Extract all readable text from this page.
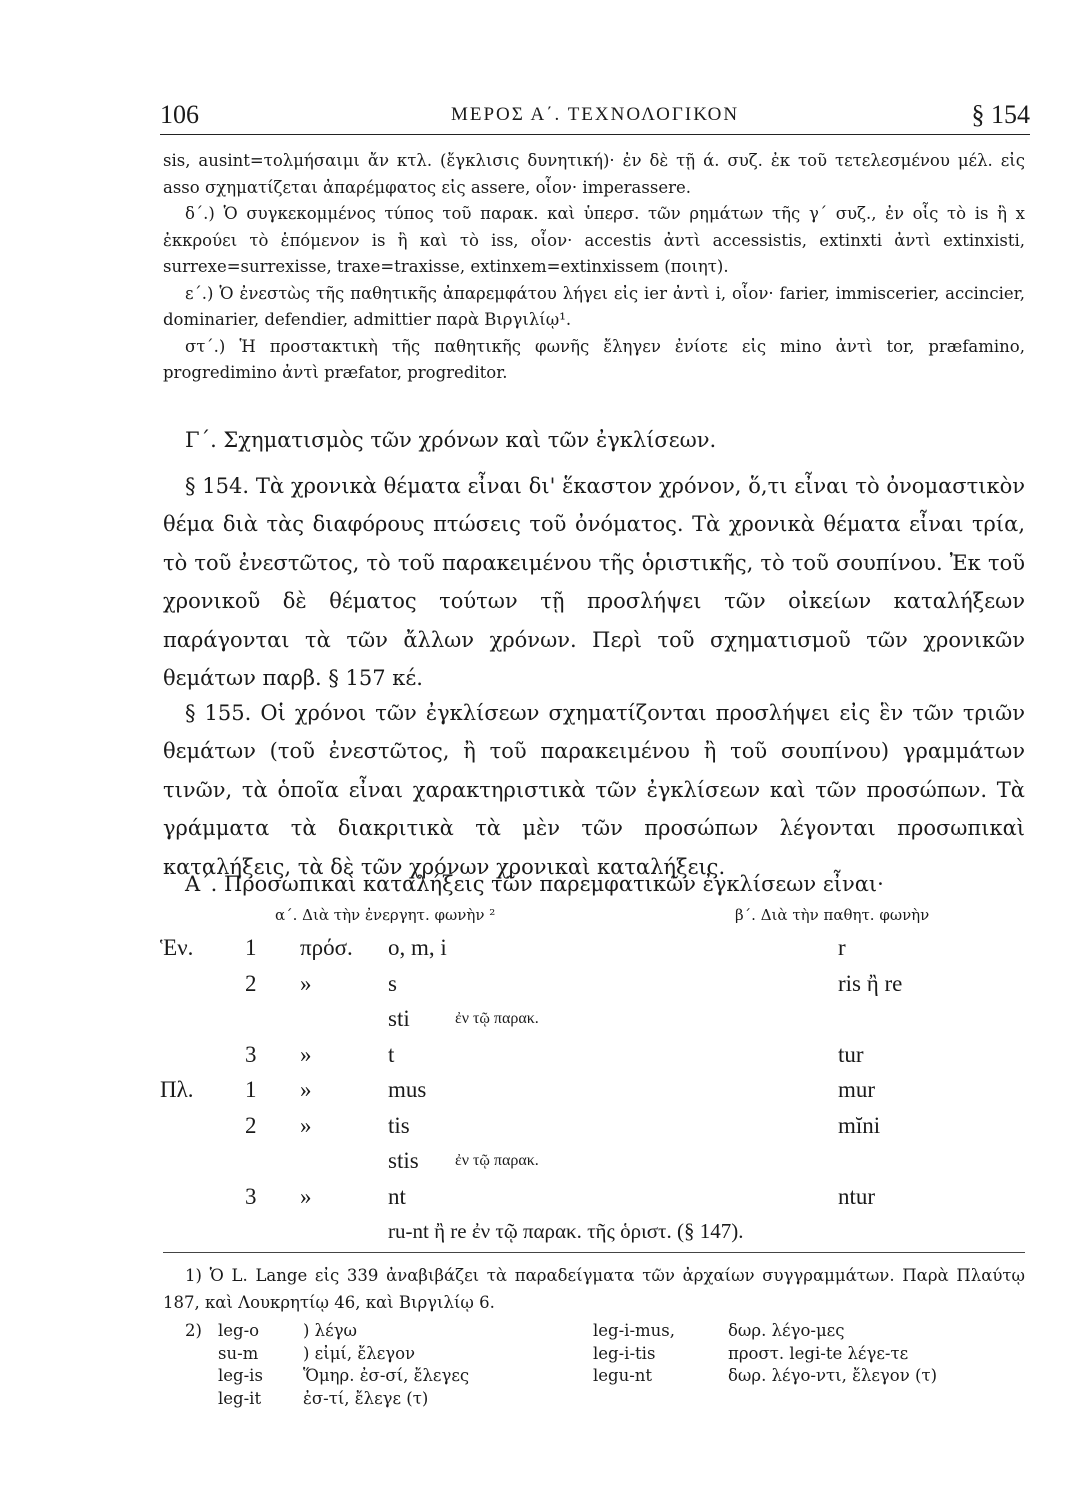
106	ΜΕΡΟΣ Α΄. ΤΕΧΝΟΛΟΓΙΚΟΝ	§ 154

sis, ausint=τολμήσαιμι ἄν κτλ. (ἔγκλισις δυνητική)· ἐν δὲ τῇ ά. συζ. ἐκ τοῦ τετελεσμένου μέλ. εἰς asso σχηματίζεται ἀπαρέμφατος εἰς assere, οἷον· imperassere.

δ΄.) Ὁ συγκεκομμένος τύπος τοῦ παρακ. καὶ ὑπερσ. τῶν ρημάτων τῆς γ΄ συζ., ἐν οἷς τὸ is ἢ x ἐκκρούει τὸ ἑπόμενον is ἢ καὶ τὸ iss, οἷον· accestis ἀντὶ accessistis, extinxti ἀντὶ extinxisti, surrexe=surrexisse, traxe=traxisse, extinxem=extinxissem (ποιητ).

ε΄.) Ὁ ἐνεστὼς τῆς παθητικῆς ἀπαρεμφάτου λήγει εἰς ier ἀντὶ i, οἷον· farier, immiscerier, accincier, dominarier, defendier, admittier παρὰ Βιργιλίῳ¹.

στ΄.) Ἡ προστακτικὴ τῆς παθητικῆς φωνῆς ἔληγεν ἐνίοτε εἰς mino ἀντὶ tor, præfamino, progredimino ἀντὶ præfator, progreditor.

Γ΄. Σχηματισμὸς τῶν χρόνων καὶ τῶν ἐγκλίσεων.

§ 154. Τὰ χρονικὰ θέματα εἶναι δι' ἕκαστον χρόνον, ὅ,τι εἶναι τὸ ὀνομαστικὸν θέμα διὰ τὰς διαφόρους πτώσεις τοῦ ὀνόματος. Τὰ χρονικὰ θέματα εἶναι τρία, τὸ τοῦ ἐνεστῶτος, τὸ τοῦ παρακειμένου τῆς ὁριστικῆς, τὸ τοῦ σουπίνου. Ἐκ τοῦ χρονικοῦ δὲ θέματος τούτων τῇ προσλήψει τῶν οἰκείων καταλήξεων παράγονται τὰ τῶν ἄλλων χρόνων. Περὶ τοῦ σχηματισμοῦ τῶν χρονικῶν θεμάτων παρβ. § 157 κέ.

§ 155. Οἱ χρόνοι τῶν ἐγκλίσεων σχηματίζονται προσλήψει εἰς ἓν τῶν τριῶν θεμάτων (τοῦ ἐνεστῶτος, ἢ τοῦ παρακειμένου ἢ τοῦ σουπίνου) γραμμάτων τινῶν, τὰ ὁποῖα εἶναι χαρακτηριστικὰ τῶν ἐγκλίσεων καὶ τῶν προσώπων. Τὰ γράμματα τὰ διακριτικὰ τὰ μὲν τῶν προσώπων λέγονται προσωπικαὶ καταλήξεις, τὰ δὲ τῶν χρόνων χρονικαὶ καταλήξεις.

Α΄. Προσωπικαὶ καταλήξεις τῶν παρεμφατικῶν ἐγκλίσεων εἶναι·
α΄. Διὰ τὴν ἐνεργητ. φωνὴν ²	β΄. Διὰ τὴν παθητ. φωνὴν
Ἑν. 1 πρόσ. o, m, i	r
2 »	s	ris ἢ re
sti	ἐν τῷ παρακ.
3 »	t	tur
Πλ. 1 »	mus	mur
2 »	tis	mĭni
stis ἐν τῷ παρακ.
3 »	nt	ntur
ru-nt ἢ re ἐν τῷ παρακ. τῆς ὁριστ. (§ 147).

1) Ὁ L. Lange εἰς 339 ἀναβιβάζει τὰ παραδείγματα τῶν ἀρχαίων συγγραμμάτων. Παρὰ Πλαύτῳ 187, καὶ Λουκρητίῳ 46, καὶ Βιργιλίῳ 6.

2) leg-o	) λέγω	leg-i-mus,	δωρ. λέγο-μες
su-m	) εἰμί, ἔλεγον	leg-i-tis	προστ. legi-te λέγε-τε
leg-is Ὅμηρ. ἐσ-σί, ἔλεγες	legu-nt	δωρ. λέγο-ντι, ἔλεγον (τ)
leg-it	ἐσ-τί, ἔλεγε (τ)
